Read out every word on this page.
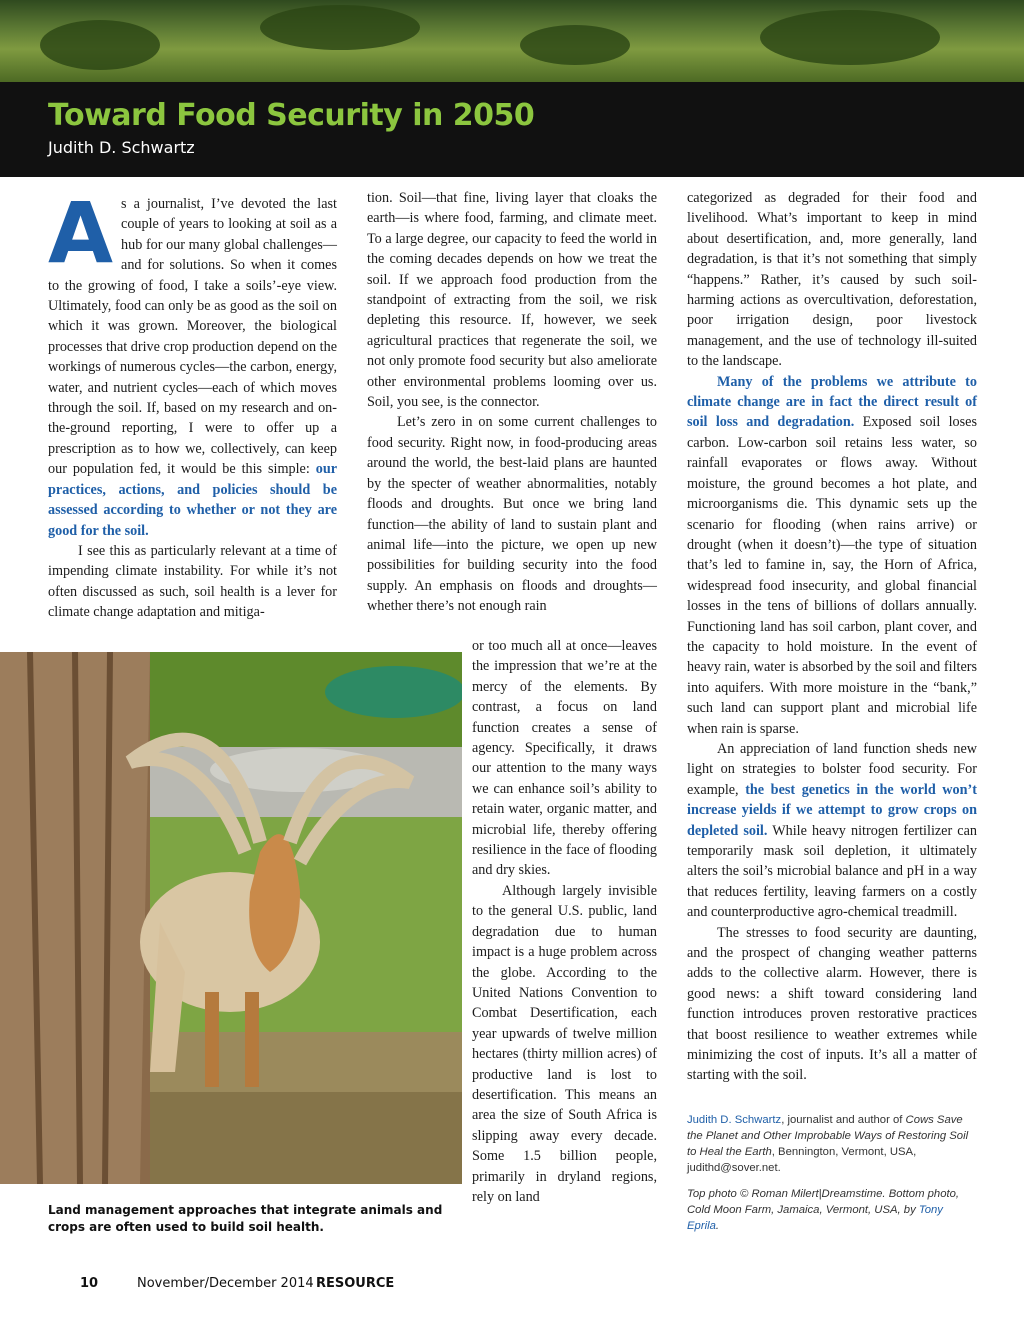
Toward Food Security in 2050
Judith D. Schwartz

As a journalist, I’ve devoted the last couple of years to looking at soil as a hub for our many global challenges—and for solutions. So when it comes to the growing of food, I take a soils’-eye view. Ultimately, food can only be as good as the soil on which it was grown. Moreover, the biological processes that drive crop production depend on the workings of numerous cycles—the carbon, energy, water, and nutrient cycles—each of which moves through the soil. If, based on my research and on-the-ground reporting, I were to offer up a prescription as to how we, collectively, can keep our population fed, it would be this simple: our practices, actions, and policies should be assessed according to whether or not they are good for the soil.

I see this as particularly relevant at a time of impending climate instability. For while it’s not often discussed as such, soil health is a lever for climate change adaptation and mitiga-

tion. Soil—that fine, living layer that cloaks the earth—is where food, farming, and climate meet. To a large degree, our capacity to feed the world in the coming decades depends on how we treat the soil. If we approach food production from the standpoint of extracting from the soil, we risk depleting this resource. If, however, we seek agricultural practices that regenerate the soil, we not only promote food security but also ameliorate other environmental problems looming over us. Soil, you see, is the connector.

Let’s zero in on some current challenges to food security. Right now, in food-producing areas around the world, the best-laid plans are haunted by the specter of weather abnormalities, notably floods and droughts. But once we bring land function—the ability of land to sustain plant and animal life—into the picture, we open up new possibilities for building security into the food supply. An emphasis on floods and droughts—whether there’s not enough rain

or too much all at once—leaves the impression that we’re at the mercy of the elements. By contrast, a focus on land function creates a sense of agency. Specifically, it draws our attention to the many ways we can enhance soil’s ability to retain water, organic matter, and microbial life, thereby offering resilience in the face of flooding and dry skies.

Although largely invisible to the general U.S. public, land degradation due to human impact is a huge problem across the globe. According to the United Nations Convention to Combat Desertification, each year upwards of twelve million hectares (thirty million acres) of productive land is lost to desertification. This means an area the size of South Africa is slipping away every decade. Some 1.5 billion people, primarily in dryland regions, rely on land

categorized as degraded for their food and livelihood. What’s important to keep in mind about desertification, and, more generally, land degradation, is that it’s not something that simply “happens.” Rather, it’s caused by such soil-harming actions as overcultivation, deforestation, poor irrigation design, poor livestock management, and the use of technology ill-suited to the landscape.

Many of the problems we attribute to climate change are in fact the direct result of soil loss and degradation. Exposed soil loses carbon. Low-carbon soil retains less water, so rainfall evaporates or flows away. Without moisture, the ground becomes a hot plate, and microorganisms die. This dynamic sets up the scenario for flooding (when rains arrive) or drought (when it doesn’t)—the type of situation that’s led to famine in, say, the Horn of Africa, widespread food insecurity, and global financial losses in the tens of billions of dollars annually. Functioning land has soil carbon, plant cover, and the capacity to hold moisture. In the event of heavy rain, water is absorbed by the soil and filters into aquifers. With more moisture in the “bank,” such land can support plant and microbial life when rain is sparse.

An appreciation of land function sheds new light on strategies to bolster food security. For example, the best genetics in the world won’t increase yields if we attempt to grow crops on depleted soil. While heavy nitrogen fertilizer can temporarily mask soil depletion, it ultimately alters the soil’s microbial balance and pH in a way that reduces fertility, leaving farmers on a costly and counterproductive agro-chemical treadmill.

The stresses to food security are daunting, and the prospect of changing weather patterns adds to the collective alarm. However, there is good news: a shift toward considering land function introduces proven restorative practices that boost resilience to weather extremes while minimizing the cost of inputs. It’s all a matter of starting with the soil.

Land management approaches that integrate animals and crops are often used to build soil health.
Judith D. Schwartz, journalist and author of Cows Save the Planet and Other Improbable Ways of Restoring Soil to Heal the Earth, Bennington, Vermont, USA, judithd@sover.net.
Top photo © Roman Milert|Dreamstime. Bottom photo, Cold Moon Farm, Jamaica, Vermont, USA, by Tony Eprila.
10	November/December 2014 RESOURCE
